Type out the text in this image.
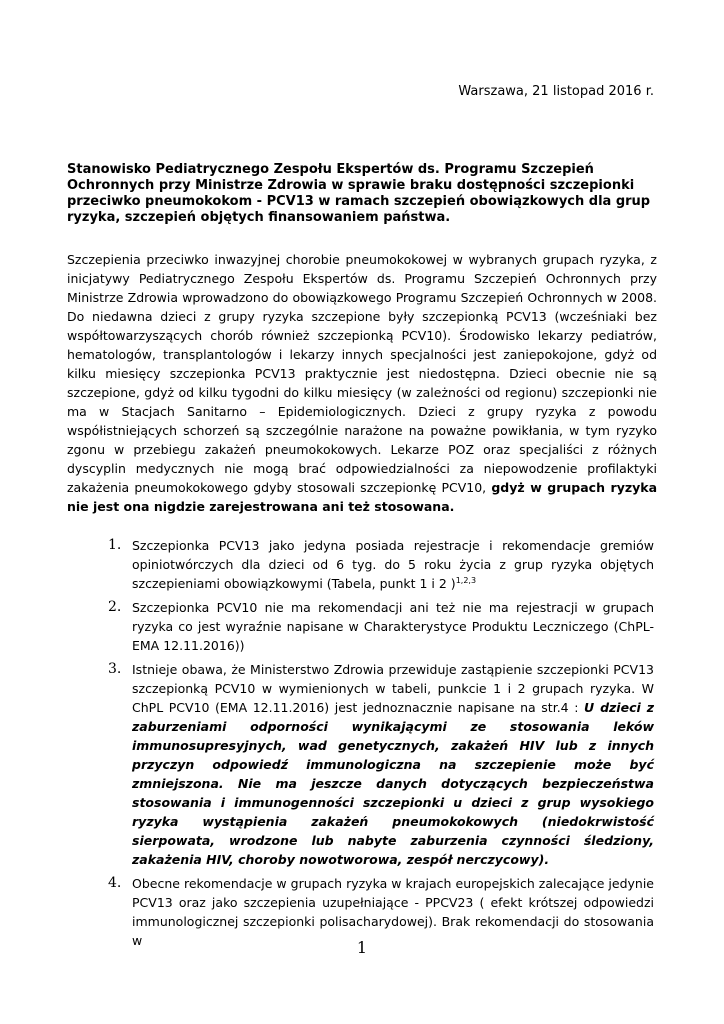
Warszawa, 21 listopad 2016 r.
Stanowisko Pediatrycznego Zespołu Ekspertów ds. Programu Szczepień Ochronnych przy Ministrze Zdrowia w sprawie braku dostępności szczepionki przeciwko pneumokokom - PCV13 w ramach szczepień obowiązkowych dla grup ryzyka, szczepień objętych finansowaniem państwa.

Szczepienia przeciwko inwazyjnej chorobie pneumokokowej w wybranych grupach ryzyka, z inicjatywy Pediatrycznego Zespołu Ekspertów ds. Programu Szczepień Ochronnych przy Ministrze Zdrowia wprowadzono do obowiązkowego Programu Szczepień Ochronnych w 2008. Do niedawna dzieci z grupy ryzyka szczepione były szczepionką PCV13 (wcześniaki bez współtowarzyszących chorób również szczepionką PCV10). Środowisko lekarzy pediatrów, hematologów, transplantologów i lekarzy innych specjalności jest zaniepokojone, gdyż od kilku miesięcy szczepionka PCV13 praktycznie jest niedostępna. Dzieci obecnie nie są szczepione, gdyż od kilku tygodni do kilku miesięcy (w zależności od regionu) szczepionki nie ma w Stacjach Sanitarno – Epidemiologicznych. Dzieci z grupy ryzyka z powodu współistniejących schorzeń są szczególnie narażone na poważne powikłania, w tym ryzyko zgonu w przebiegu zakażeń pneumokokowych. Lekarze POZ oraz specjaliści z różnych dyscyplin medycznych nie mogą brać odpowiedzialności za niepowodzenie profilaktyki zakażenia pneumokokowego gdyby stosowali szczepionkę PCV10, gdyż w grupach ryzyka nie jest ona nigdzie zarejestrowana ani też stosowana.

1. Szczepionka PCV13 jako jedyna posiada rejestracje i rekomendacje gremiów opiniotwórczych dla dzieci od 6 tyg. do 5 roku życia z grup ryzyka objętych szczepieniami obowiązkowymi (Tabela, punkt 1 i 2 )$^{1,2,3}$
2. Szczepionka PCV10 nie ma rekomendacji ani też nie ma rejestracji w grupach ryzyka co jest wyraźnie napisane w Charakterystyce Produktu Leczniczego (ChPL-EMA 12.11.2016))
3. Istnieje obawa, że Ministerstwo Zdrowia przewiduje zastąpienie szczepionki PCV13 szczepionką PCV10 w wymienionych w tabeli, punkcie 1 i 2 grupach ryzyka. W ChPL PCV10 (EMA 12.11.2016) jest jednoznacznie napisane na str.4 : U dzieci z zaburzeniami odporności wynikającymi ze stosowania leków immunosupresyjnych, wad genetycznych, zakażeń HIV lub z innych przyczyn odpowiedź immunologiczna na szczepienie może być zmniejszona. Nie ma jeszcze danych dotyczących bezpieczeństwa stosowania i immunogenności szczepionki u dzieci z grup wysokiego ryzyka wystąpienia zakażeń pneumokokowych (niedokrwistość sierpowata, wrodzone lub nabyte zaburzenia czynności śledziony, zakażenia HIV, choroby nowotworowa, zespół nerczycowy).
4. Obecne rekomendacje w grupach ryzyka w krajach europejskich zalecające jedynie PCV13 oraz jako szczepienia uzupełniające - PPCV23 ( efekt krótszej odpowiedzi immunologicznej szczepionki polisacharydowej). Brak rekomendacji do stosowania w	1
